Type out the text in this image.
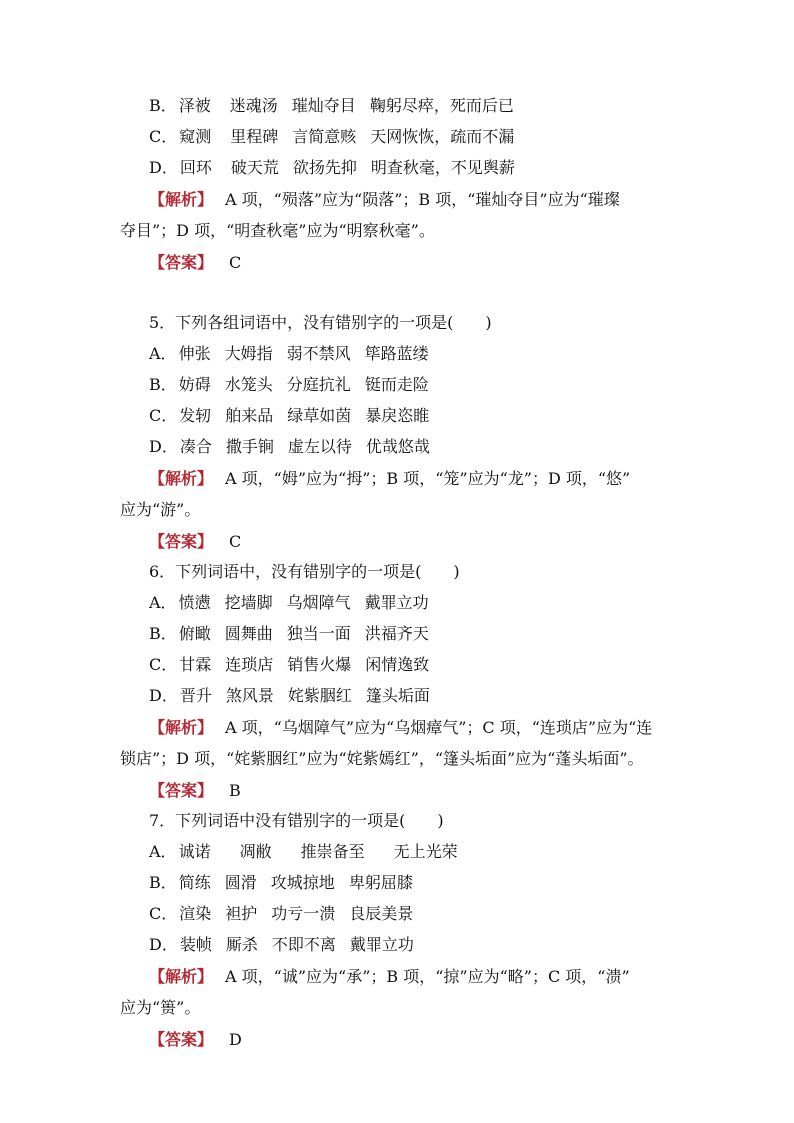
B． 泽被 迷魂汤 璀灿夺目 鞠躬尽瘁，死而后已
C． 窥测 里程碑 言简意赅 天网恢恢，疏而不漏
D． 回环 破天荒 欲扬先抑 明查秋毫，不见舆薪
【解析】 A 项，“殒落”应为“陨落”；B 项，“璀灿夺目”应为“璀璨
夺目”；D 项，“明查秋毫”应为“明察秋毫”。
【答案】 C
5．下列各组词语中，没有错别字的一项是(　　)
A． 伸张 大姆指 弱不禁风 筚路蓝缕
B． 妨碍 水笼头 分庭抗礼 铤而走险
C． 发轫 舶来品 绿草如茵 暴戾恣睢
D． 凑合 撒手锏 虚左以待 优哉悠哉
【解析】 A 项，“姆”应为“拇”；B 项，“笼”应为“龙”；D 项，“悠”
应为“游”。
【答案】 C
6．下列词语中，没有错别字的一项是(　　)
A． 愤懑 挖墙脚 乌烟障气 戴罪立功
B． 俯瞰 圆舞曲 独当一面 洪福齐天
C． 甘霖 连琐店 销售火爆 闲情逸致
D． 晋升 煞风景 姹紫胭红 篷头垢面
【解析】 A 项，“乌烟障气”应为“乌烟瘴气”；C 项，“连琐店”应为“连
锁店”；D 项，“姹紫胭红”应为“姹紫嫣红”，“篷头垢面”应为“蓬头垢面”。
【答案】 B
7．下列词语中没有错别字的一项是(　　)
A． 诚诺 凋敝 推崇备至 无上光荣
B． 简练 圆滑 攻城掠地 卑躬屈膝
C． 渲染 袒护 功亏一溃 良辰美景
D． 装帧 厮杀 不即不离 戴罪立功
【解析】 A 项，“诚”应为“承”；B 项，“掠”应为“略”；C 项，“溃”
应为“篑”。
【答案】 D
